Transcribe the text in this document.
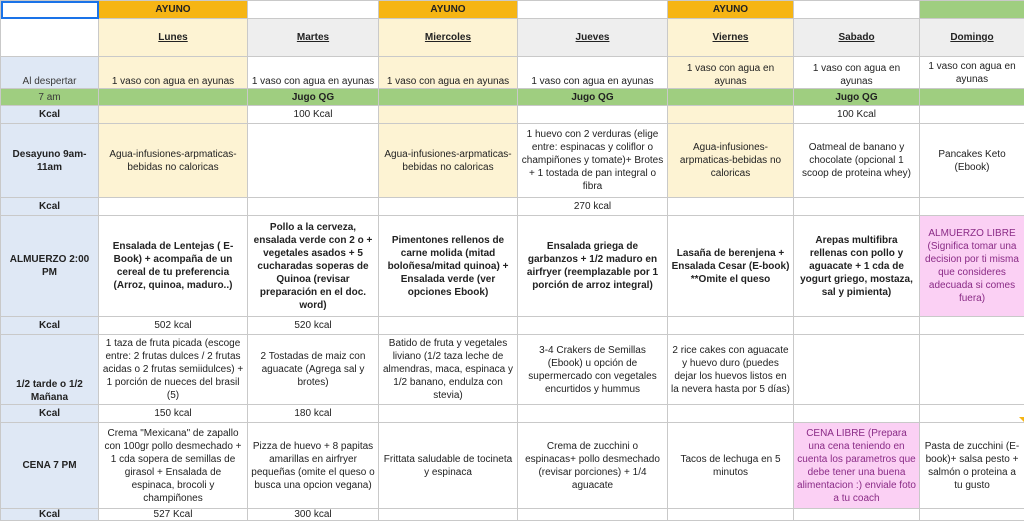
	AYUNO		AYUNO		AYUNO		
	Lunes	Martes	Miercoles	Jueves	Viernes	Sabado	Domingo
Al despertar	1 vaso con agua en ayunas	1 vaso con agua en ayunas	1 vaso con agua en ayunas	1 vaso con agua en ayunas	1 vaso con agua en ayunas	1 vaso con agua en ayunas	1 vaso con agua en ayunas
7 am		Jugo QG		Jugo QG		Jugo QG	
Kcal		100 Kcal				100 Kcal	
Desayuno 9am-11am	Agua-infusiones-arpmaticas-bebidas no caloricas		Agua-infusiones-arpmaticas-bebidas no caloricas	1 huevo con 2 verduras (elige entre: espinacas y coliflor o champiñones y tomate)+ Brotes + 1 tostada de pan integral o fibra	Agua-infusiones-arpmaticas-bebidas no caloricas	Oatmeal de banano y chocolate (opcional 1 scoop de proteina whey)	Pancakes Keto (Ebook)
Kcal				270 kcal			
ALMUERZO 2:00 PM	Ensalada de Lentejas ( E-Book) + acompaña de un cereal de tu preferencia (Arroz, quinoa, maduro..)	Pollo a la cerveza, ensalada verde con 2 o + vegetales asados + 5 cucharadas soperas de Quinoa (revisar preparación en el doc. word)	Pimentones rellenos de carne molida (mitad boloñesa/mitad quinoa) + Ensalada verde (ver opciones Ebook)	Ensalada griega de garbanzos + 1/2 maduro en airfryer (reemplazable por 1 porción de arroz integral)	Lasaña de berenjena + Ensalada Cesar (E-book) **Omite el queso	Arepas multifibra rellenas con pollo y aguacate + 1 cda de yogurt griego, mostaza, sal y pimienta)	ALMUERZO LIBRE (Significa tomar una decision por ti misma que consideres adecuada si comes fuera)
Kcal	502 kcal	520 kcal					
1/2 tarde o 1/2 Mañana	1 taza de fruta picada (escoge entre: 2 frutas dulces / 2 frutas acidas o 2 frutas semiidulces) + 1 porción de nueces del brasil (5)	2 Tostadas de maiz con aguacate (Agrega sal y brotes)	Batido de fruta y vegetales liviano (1/2 taza leche de almendras, maca, espinaca y 1/2 banano, endulza con stevia)	3-4 Crakers de Semillas (Ebook) u opción de supermercado con vegetales encurtidos y hummus	2 rice cakes con aguacate y huevo duro (puedes dejar los huevos listos en la nevera hasta por 5 días)		
Kcal	150 kcal	180 kcal					
CENA 7 PM	Crema "Mexicana" de zapallo con 100gr pollo desmechado + 1 cda sopera de semillas de girasol + Ensalada de espinaca, brocoli y champiñones	Pizza de huevo + 8 papitas amarillas en airfryer pequeñas (omite el queso o busca una opcion vegana)	Frittata saludable de tocineta y espinaca	Crema de zucchini o espinacas+ pollo desmechado (revisar porciones) + 1/4 aguacate	Tacos de lechuga en 5 minutos	CENA LIBRE (Prepara una cena teniendo en cuenta los parametros que debe tener una buena alimentacion :) enviale foto a tu coach	Pasta de zucchini (E-book)+ salsa pesto + salmón o proteina a tu gusto
Kcal	527 Kcal	300 kcal					
